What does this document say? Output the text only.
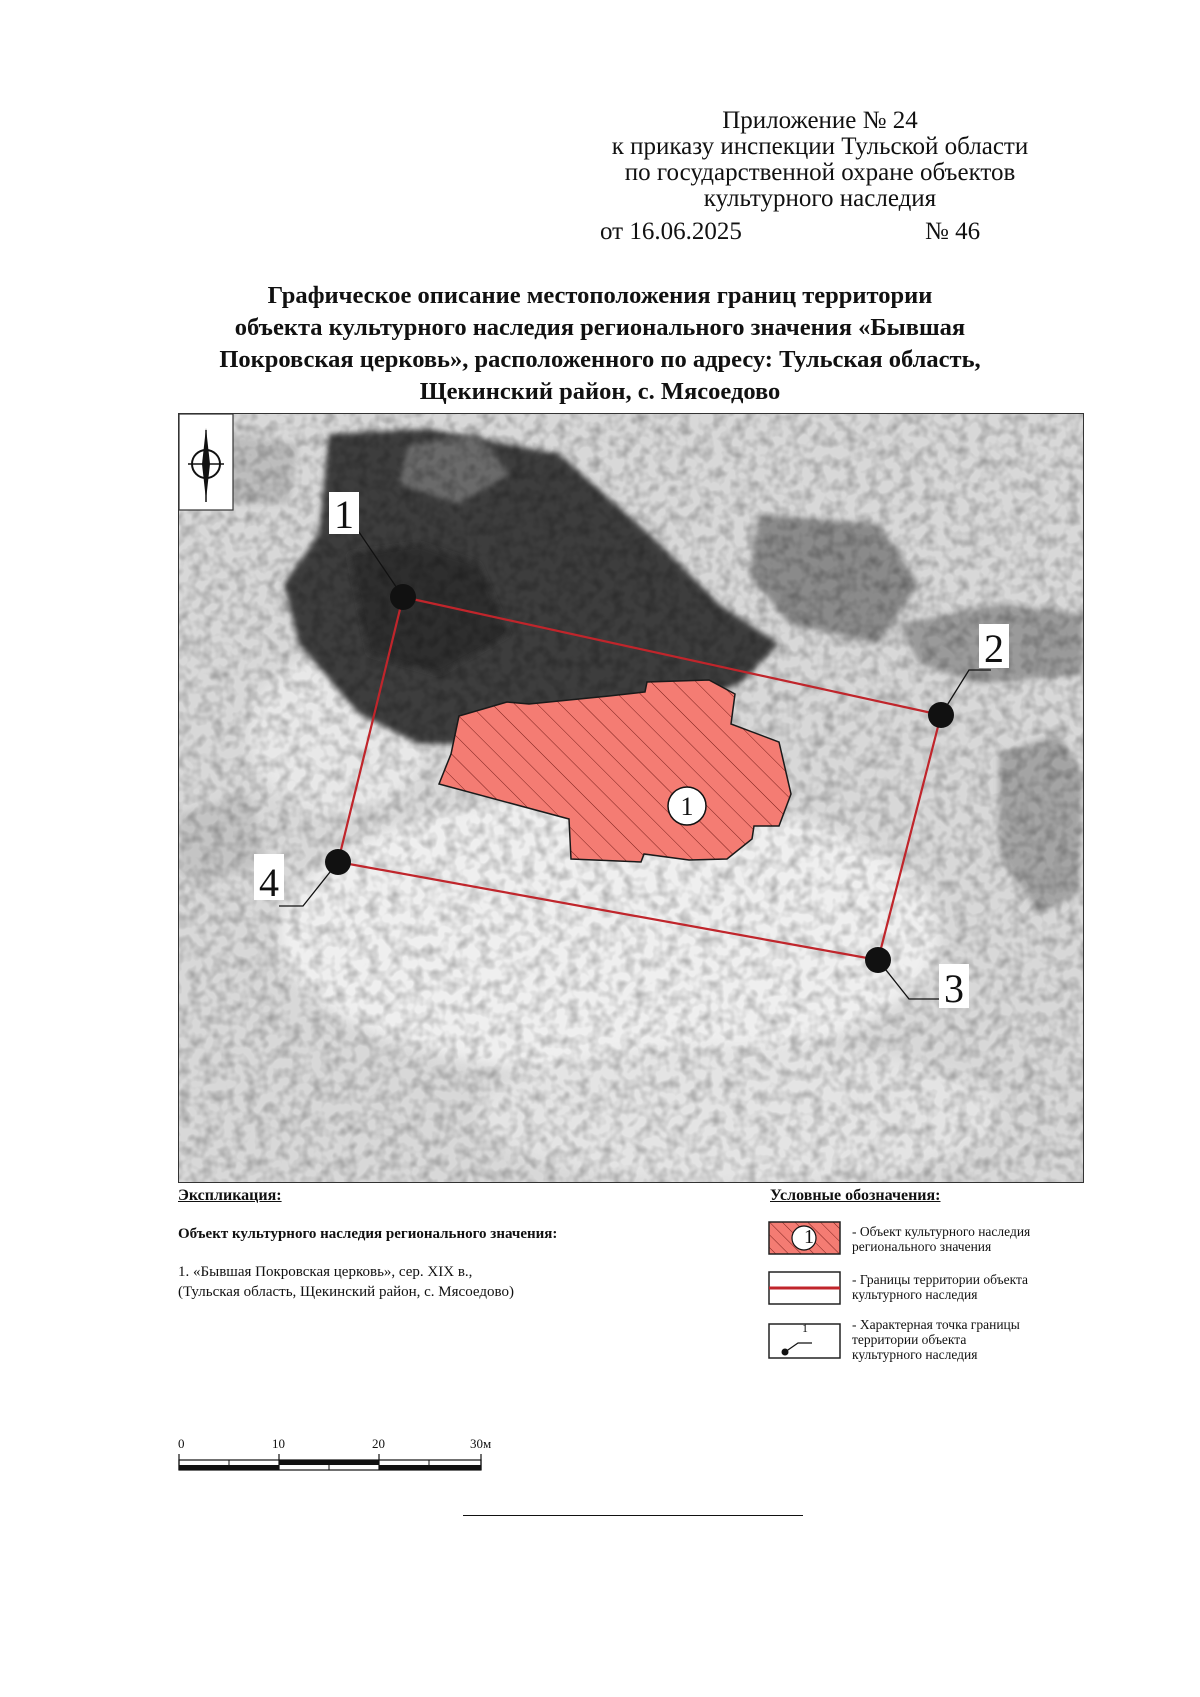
Приложение № 24
к приказу инспекции Тульской области
по государственной охране объектов
культурного наследия
от 16.06.2025	№ 46
Графическое описание местоположения границ территории
объекта культурного наследия регионального значения «Бывшая
Покровская церковь», расположенного по адресу: Тульская область,
Щекинский район, с. Мясоедово
1
1
2
3
4
Экспликация:
Объект культурного наследия регионального значения:
1. «Бывшая Покровская церковь», сер. XIX в.,
(Тульская область, Щекинский район, с. Мясоедово)
Условные обозначения:
1	- Объект культурного наследия
регионального значения
- Границы территории объекта
культурного наследия
1	- Характерная точка границы
территории объекта
культурного наследия
0	10	20	30м
